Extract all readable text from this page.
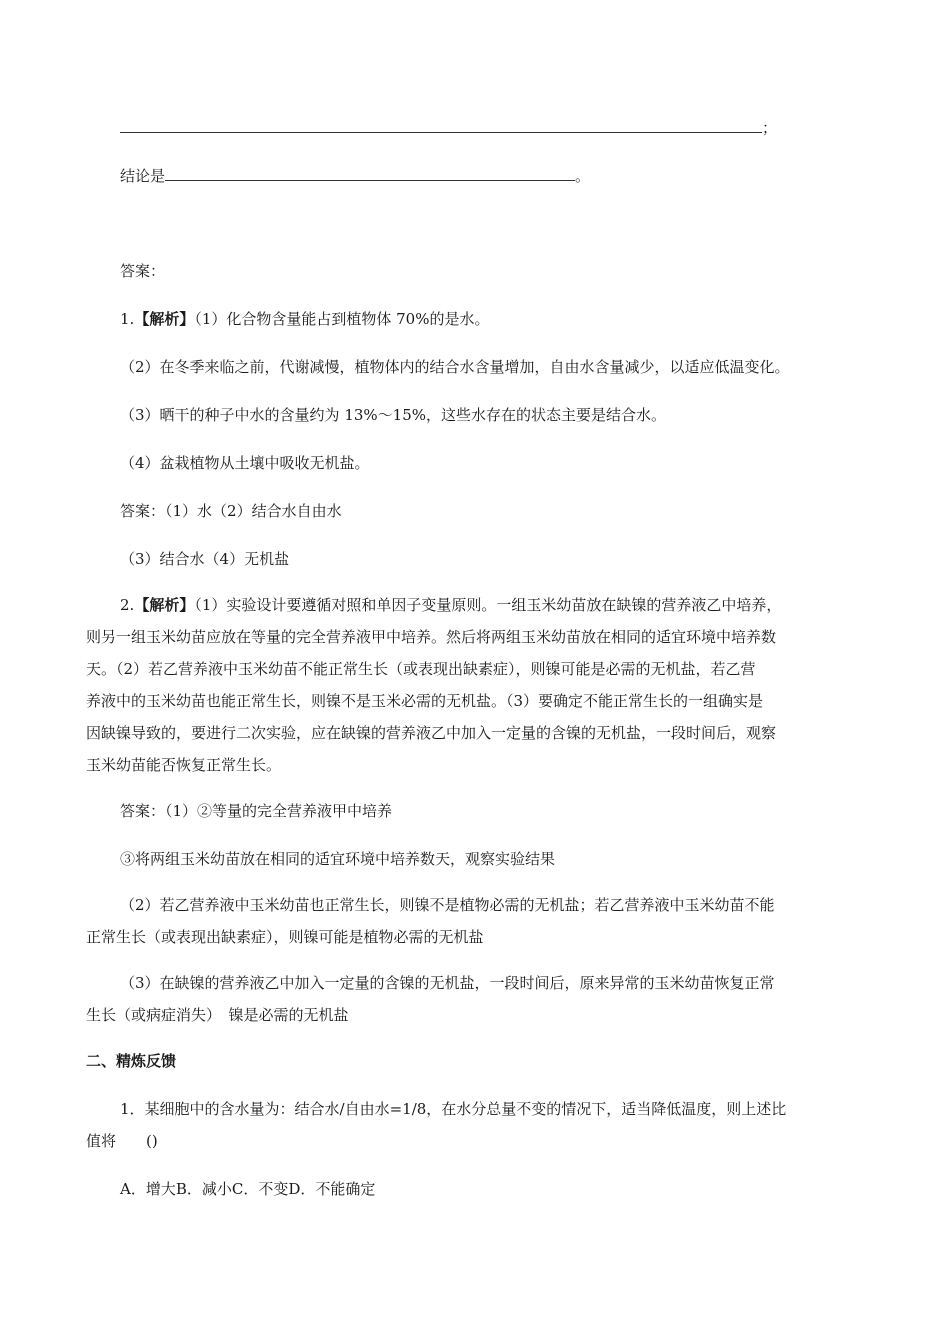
；
结论是	。
答案：
1.【解析】（1）化合物含量能占到植物体 70%的是水。
（2）在冬季来临之前，代谢减慢，植物体内的结合水含量增加，自由水含量减少，以适应低温变化。
（3）晒干的种子中水的含量约为 13%～15%，这些水存在的状态主要是结合水。
（4）盆栽植物从土壤中吸收无机盐。
答案：（1）水（2）结合水自由水
（3）结合水（4）无机盐
2.【解析】（1）实验设计要遵循对照和单因子变量原则。一组玉米幼苗放在缺镍的营养液乙中培养，
则另一组玉米幼苗应放在等量的完全营养液甲中培养。然后将两组玉米幼苗放在相同的适宜环境中培养数
天。（2）若乙营养液中玉米幼苗不能正常生长（或表现出缺素症），则镍可能是必需的无机盐，若乙营
养液中的玉米幼苗也能正常生长，则镍不是玉米必需的无机盐。（3）要确定不能正常生长的一组确实是
因缺镍导致的，要进行二次实验，应在缺镍的营养液乙中加入一定量的含镍的无机盐，一段时间后，观察
玉米幼苗能否恢复正常生长。
答案：（1）②等量的完全营养液甲中培养
③将两组玉米幼苗放在相同的适宜环境中培养数天，观察实验结果
（2）若乙营养液中玉米幼苗也正常生长，则镍不是植物必需的无机盐；若乙营养液中玉米幼苗不能
正常生长（或表现出缺素症），则镍可能是植物必需的无机盐
（3）在缺镍的营养液乙中加入一定量的含镍的无机盐，一段时间后，原来异常的玉米幼苗恢复正常
生长（或病症消失）　镍是必需的无机盐
二、精炼反馈
1．某细胞中的含水量为：结合水/自由水=1/8，在水分总量不变的情况下，适当降低温度，则上述比
值将　　()
A．增大B．减小C．不变D．不能确定
